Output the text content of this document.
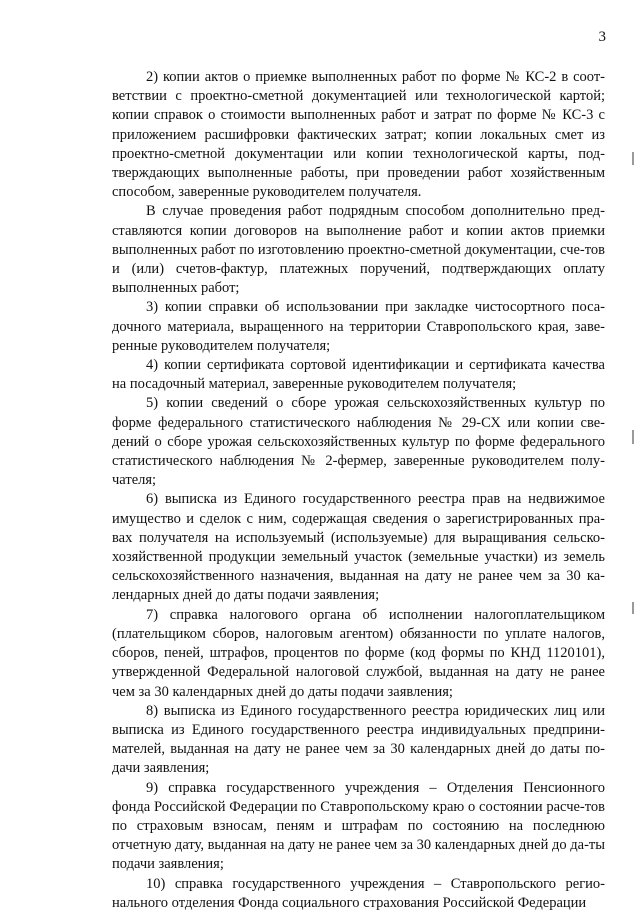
3

2) копии актов о приемке выполненных работ по форме № КС-2 в соот-ветствии с проектно-сметной документацией или технологической картой; копии справок о стоимости выполненных работ и затрат по форме № КС-3 с приложением расшифровки фактических затрат; копии локальных смет из проектно-сметной документации или копии технологической карты, под-тверждающих выполненные работы, при проведении работ хозяйственным способом, заверенные руководителем получателя.

В случае проведения работ подрядным способом дополнительно пред-ставляются копии договоров на выполнение работ и копии актов приемки выполненных работ по изготовлению проектно-сметной документации, сче-тов и (или) счетов-фактур, платежных поручений, подтверждающих оплату выполненных работ;

3) копии справки об использовании при закладке чистосортного поса-дочного материала, выращенного на территории Ставропольского края, заве-ренные руководителем получателя;

4) копии сертификата сортовой идентификации и сертификата качества на посадочный материал, заверенные руководителем получателя;

5) копии сведений о сборе урожая сельскохозяйственных культур по форме федерального статистического наблюдения № 29-СХ или копии све-дений о сборе урожая сельскохозяйственных культур по форме федерального статистического наблюдения № 2-фермер, заверенные руководителем полу-чателя;

6) выписка из Единого государственного реестра прав на недвижимое имущество и сделок с ним, содержащая сведения о зарегистрированных пра-вах получателя на используемый (используемые) для выращивания сельско-хозяйственной продукции земельный участок (земельные участки) из земель сельскохозяйственного назначения, выданная на дату не ранее чем за 30 ка-лендарных дней до даты подачи заявления;

7) справка налогового органа об исполнении налогоплательщиком (плательщиком сборов, налоговым агентом) обязанности по уплате налогов, сборов, пеней, штрафов, процентов по форме (код формы по КНД 1120101), утвержденной Федеральной налоговой службой, выданная на дату не ранее чем за 30 календарных дней до даты подачи заявления;

8) выписка из Единого государственного реестра юридических лиц или выписка из Единого государственного реестра индивидуальных предприни-мателей, выданная на дату не ранее чем за 30 календарных дней до даты по-дачи заявления;

9) справка государственного учреждения – Отделения Пенсионного фонда Российской Федерации по Ставропольскому краю о состоянии расче-тов по страховым взносам, пеням и штрафам по состоянию на последнюю отчетную дату, выданная на дату не ранее чем за 30 календарных дней до да-ты подачи заявления;

10) справка государственного учреждения – Ставропольского регио-нального отделения Фонда социального страхования Российской Федерации
